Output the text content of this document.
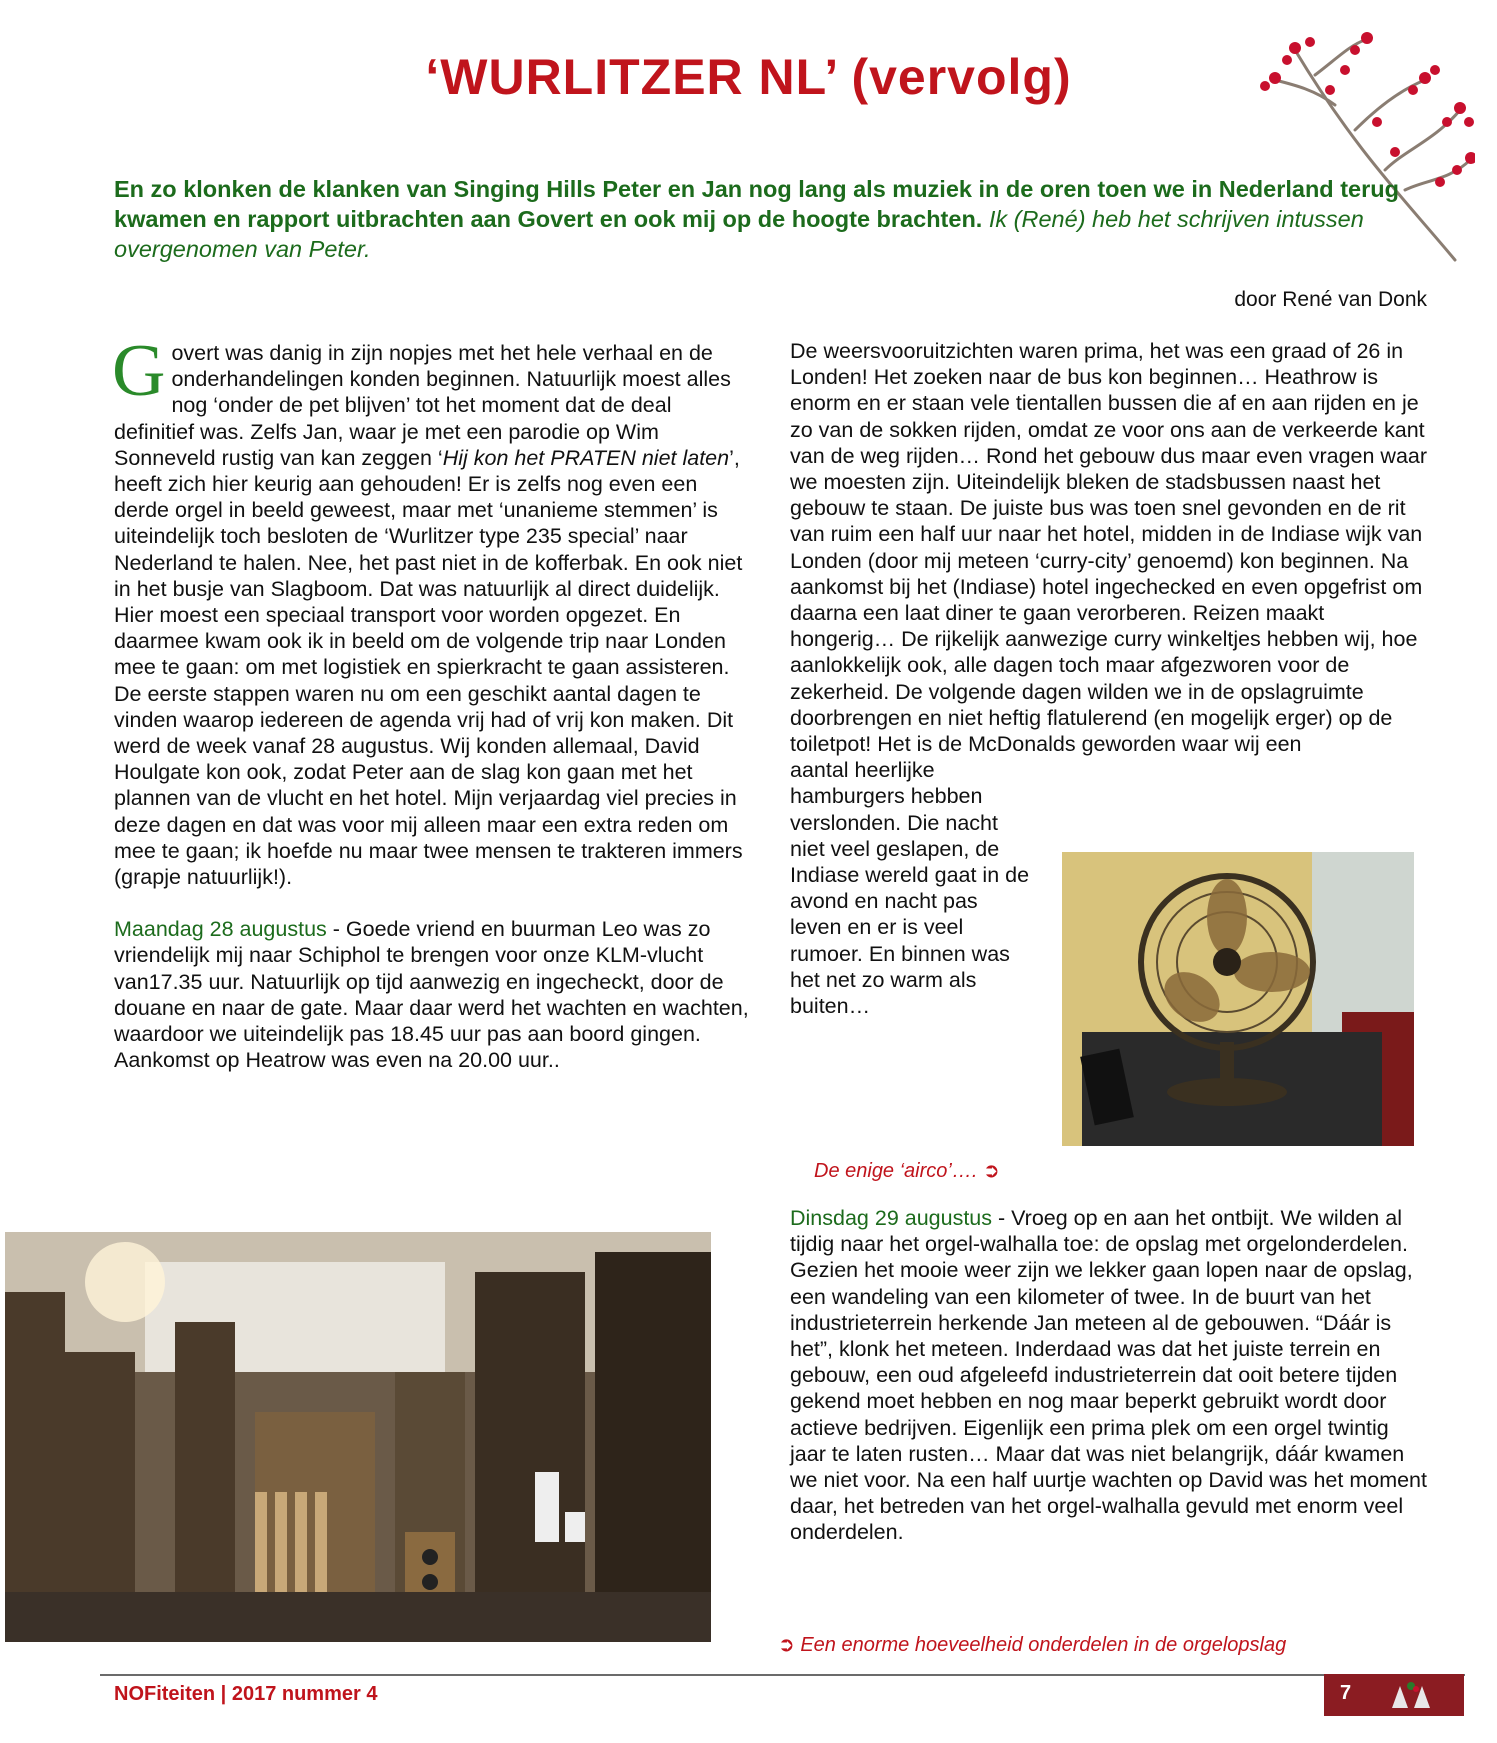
‘WURLITZER NL’ (vervolg)

En zo klonken de klanken van Singing Hills Peter en Jan nog lang als muziek in de oren toen we in Nederland terug kwamen en rapport uitbrachten aan Govert en ook mij op de hoogte brachten. Ik (René) heb het schrijven intussen overgenomen van Peter.

door René van Donk

Govert was danig in zijn nopjes met het hele verhaal en de onderhandelingen konden beginnen. Natuurlijk moest alles nog ‘onder de pet blijven’ tot het moment dat de deal definitief was. Zelfs Jan, waar je met een parodie op Wim Sonneveld rustig van kan zeggen ‘Hij kon het PRATEN niet laten’, heeft zich hier keurig aan gehouden! Er is zelfs nog even een derde orgel in beeld geweest, maar met ‘unanieme stemmen’ is uiteindelijk toch besloten de ‘Wurlitzer type 235 special’ naar Nederland te halen. Nee, het past niet in de kofferbak. En ook niet in het busje van Slagboom. Dat was natuurlijk al direct duidelijk. Hier moest een speciaal transport voor worden opgezet. En daarmee kwam ook ik in beeld om de volgende trip naar Londen mee te gaan: om met logistiek en spierkracht te gaan assisteren. De eerste stappen waren nu om een geschikt aantal dagen te vinden waarop iedereen de agenda vrij had of vrij kon maken. Dit werd de week vanaf 28 augustus. Wij konden allemaal, David Houlgate kon ook, zodat Peter aan de slag kon gaan met het plannen van de vlucht en het hotel. Mijn verjaardag viel precies in deze dagen en dat was voor mij alleen maar een extra reden om mee te gaan; ik hoefde nu maar twee mensen te trakteren immers (grapje natuurlijk!).

Maandag 28 augustus - Goede vriend en buurman Leo was zo vriendelijk mij naar Schiphol te brengen voor onze KLM-vlucht van17.35 uur. Natuurlijk op tijd aanwezig en ingecheckt, door de douane en naar de gate. Maar daar werd het wachten en wachten, waardoor we uiteindelijk pas 18.45 uur pas aan boord gingen. Aankomst op Heatrow was even na 20.00 uur..

De weersvooruitzichten waren prima, het was een graad of 26 in Londen! Het zoeken naar de bus kon beginnen… Heathrow is enorm en er staan vele tientallen bussen die af en aan rijden en je zo van de sokken rijden, omdat ze voor ons aan de verkeerde kant van de weg rijden… Rond het gebouw dus maar even vragen waar we moesten zijn. Uiteindelijk bleken de stadsbussen naast het gebouw te staan. De juiste bus was toen snel gevonden en de rit van ruim een half uur naar het hotel, midden in de Indiase wijk van Londen (door mij meteen ‘curry-city’ genoemd) kon beginnen. Na aankomst bij het (Indiase) hotel ingechecked en even opgefrist om daarna een laat diner te gaan verorberen. Reizen maakt hongerig… De rijkelijk aanwezige curry winkeltjes hebben wij, hoe aanlokkelijk ook, alle dagen toch maar afgezworen voor de zekerheid. De volgende dagen wilden we in de opslagruimte doorbrengen en niet heftig flatulerend (en mogelijk erger) op de toiletpot! Het is de McDonalds geworden waar wij een

aantal heerlijke hamburgers hebben verslonden. Die nacht niet veel geslapen, de Indiase wereld gaat in de avond en nacht pas leven en er is veel rumoer. En binnen was het net zo warm als buiten…

De enige ‘airco’…. ➲

Dinsdag 29 augustus - Vroeg op en aan het ontbijt. We wilden al tijdig naar het orgel-walhalla toe: de opslag met orgelonderdelen. Gezien het mooie weer zijn we lekker gaan lopen naar de opslag, een wandeling van een kilometer of twee. In de buurt van het industrieterrein herkende Jan meteen al de gebouwen. “Dáár is het”, klonk het meteen. Inderdaad was dat het juiste terrein en gebouw, een oud afgeleefd industrieterrein dat ooit betere tijden gekend moet hebben en nog maar beperkt gebruikt wordt door actieve bedrijven. Eigenlijk een prima plek om een orgel twintig jaar te laten rusten… Maar dat was niet belangrijk, dáár kwamen we niet voor. Na een half uurtje wachten op David was het moment daar, het betreden van het orgel-walhalla gevuld met enorm veel onderdelen.

➲ Een enorme hoeveelheid onderdelen in de orgelopslag
NOFiteiten | 2017 nummer 4	7
